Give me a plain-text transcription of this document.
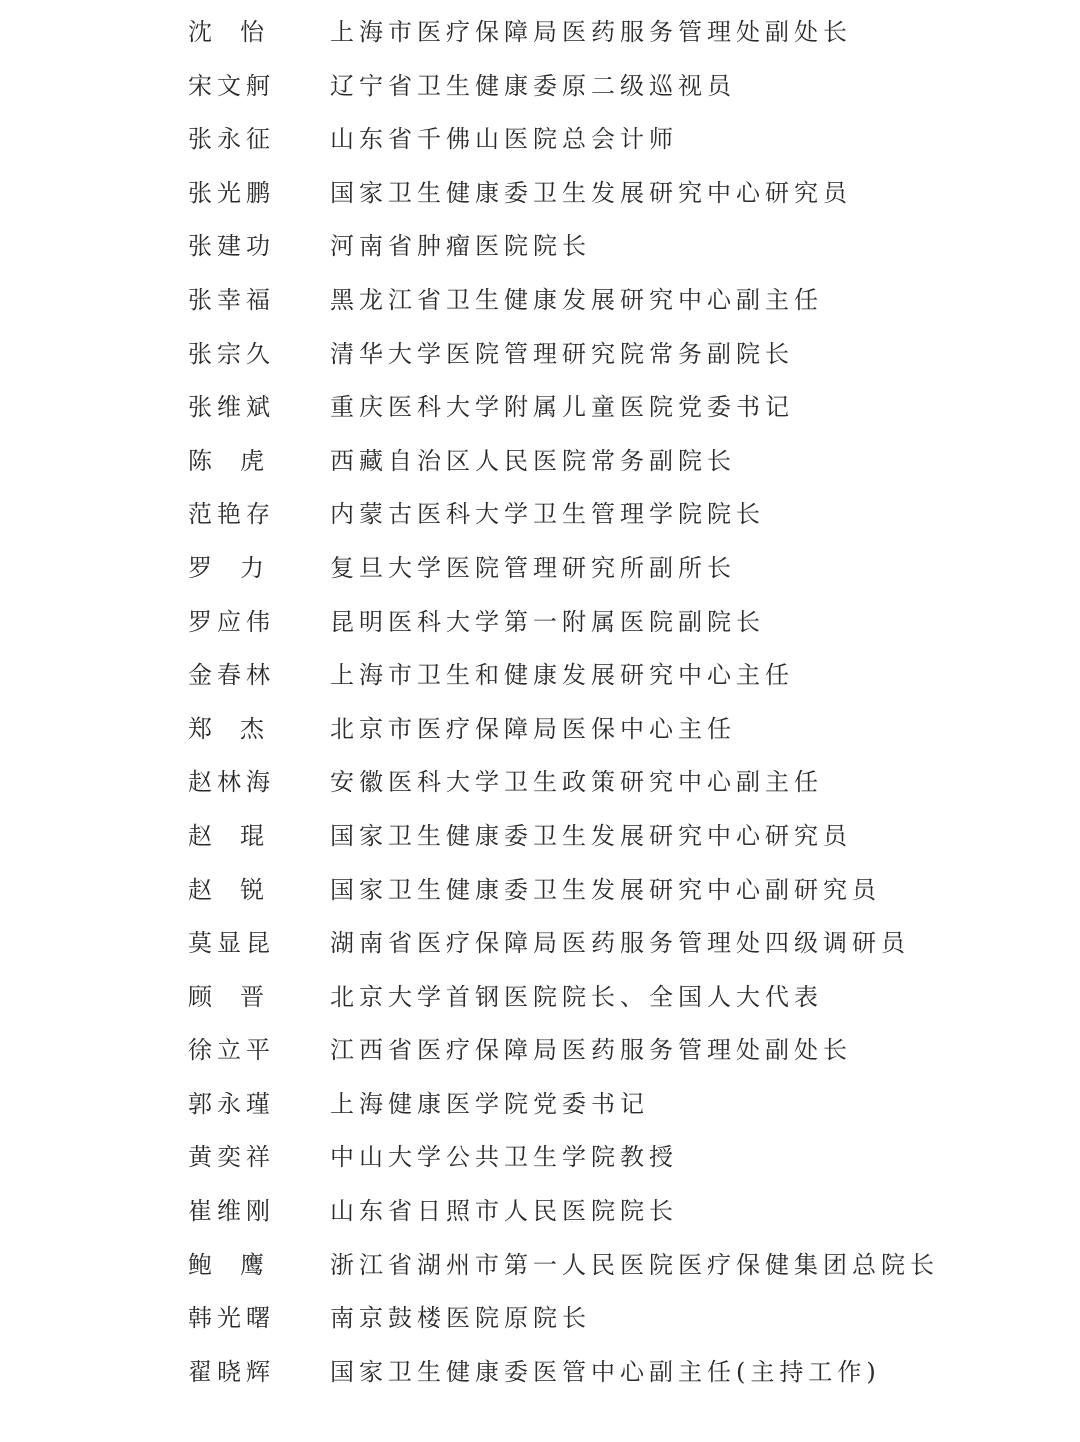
沈怡 上海市医疗保障局医药服务管理处副处长
宋文舸 辽宁省卫生健康委原二级巡视员
张永征 山东省千佛山医院总会计师
张光鹏 国家卫生健康委卫生发展研究中心研究员
张建功 河南省肿瘤医院院长
张幸福 黑龙江省卫生健康发展研究中心副主任
张宗久 清华大学医院管理研究院常务副院长
张维斌 重庆医科大学附属儿童医院党委书记
陈虎 西藏自治区人民医院常务副院长
范艳存 内蒙古医科大学卫生管理学院院长
罗力 复旦大学医院管理研究所副所长
罗应伟 昆明医科大学第一附属医院副院长
金春林 上海市卫生和健康发展研究中心主任
郑杰 北京市医疗保障局医保中心主任
赵林海 安徽医科大学卫生政策研究中心副主任
赵琨 国家卫生健康委卫生发展研究中心研究员
赵锐 国家卫生健康委卫生发展研究中心副研究员
莫显昆 湖南省医疗保障局医药服务管理处四级调研员
顾晋 北京大学首钢医院院长、全国人大代表
徐立平 江西省医疗保障局医药服务管理处副处长
郭永瑾 上海健康医学院党委书记
黄奕祥 中山大学公共卫生学院教授
崔维刚 山东省日照市人民医院院长
鲍鹰 浙江省湖州市第一人民医院医疗保健集团总院长
韩光曙 南京鼓楼医院原院长
翟晓辉 国家卫生健康委医管中心副主任(主持工作)
